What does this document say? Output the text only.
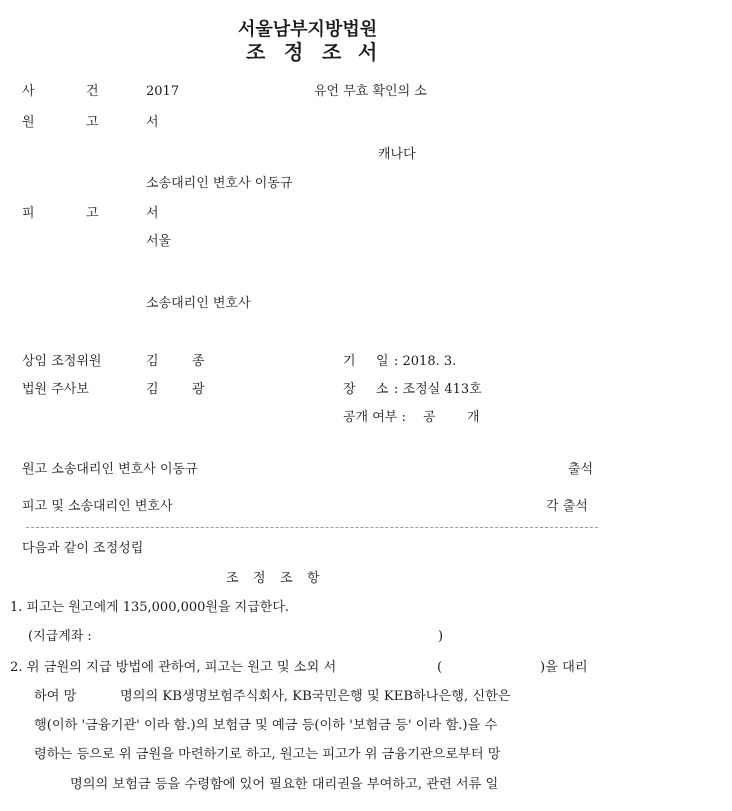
서울남부지방법원
조 정 조 서
사	건	2017	유언 무효 확인의 소
원	고	서
캐나다
소송대리인 변호사 이동규
피	고	서
서울
소송대리인 변호사
상임 조정위원	김	종
법원 주사보	김	광
기 일 : 2018. 3.
장 소 : 조정실 413호
공개 여부 : 공 개
원고 소송대리인 변호사 이동규	출석
피고 및 소송대리인 변호사	각 출석
다음과 같이 조정성립
조 정 조 항
1. 피고는 원고에게 135,000,000원을 지급한다.
(지급계좌 :	)
2. 위 금원의 지급 방법에 관하여, 피고는 원고 및 소외 서	(	)을 대리
하여 망	명의의 KB생명보험주식회사, KB국민은행 및 KEB하나은행, 신한은
행(이하 '금융기관' 이라 함.)의 보험금 및 예금 등(이하 '보험금 등' 이라 함.)을 수
령하는 등으로 위 금원을 마련하기로 하고, 원고는 피고가 위 금융기관으로부터 망
명의의 보험금 등을 수령함에 있어 필요한 대리권을 부여하고, 관련 서류 일
